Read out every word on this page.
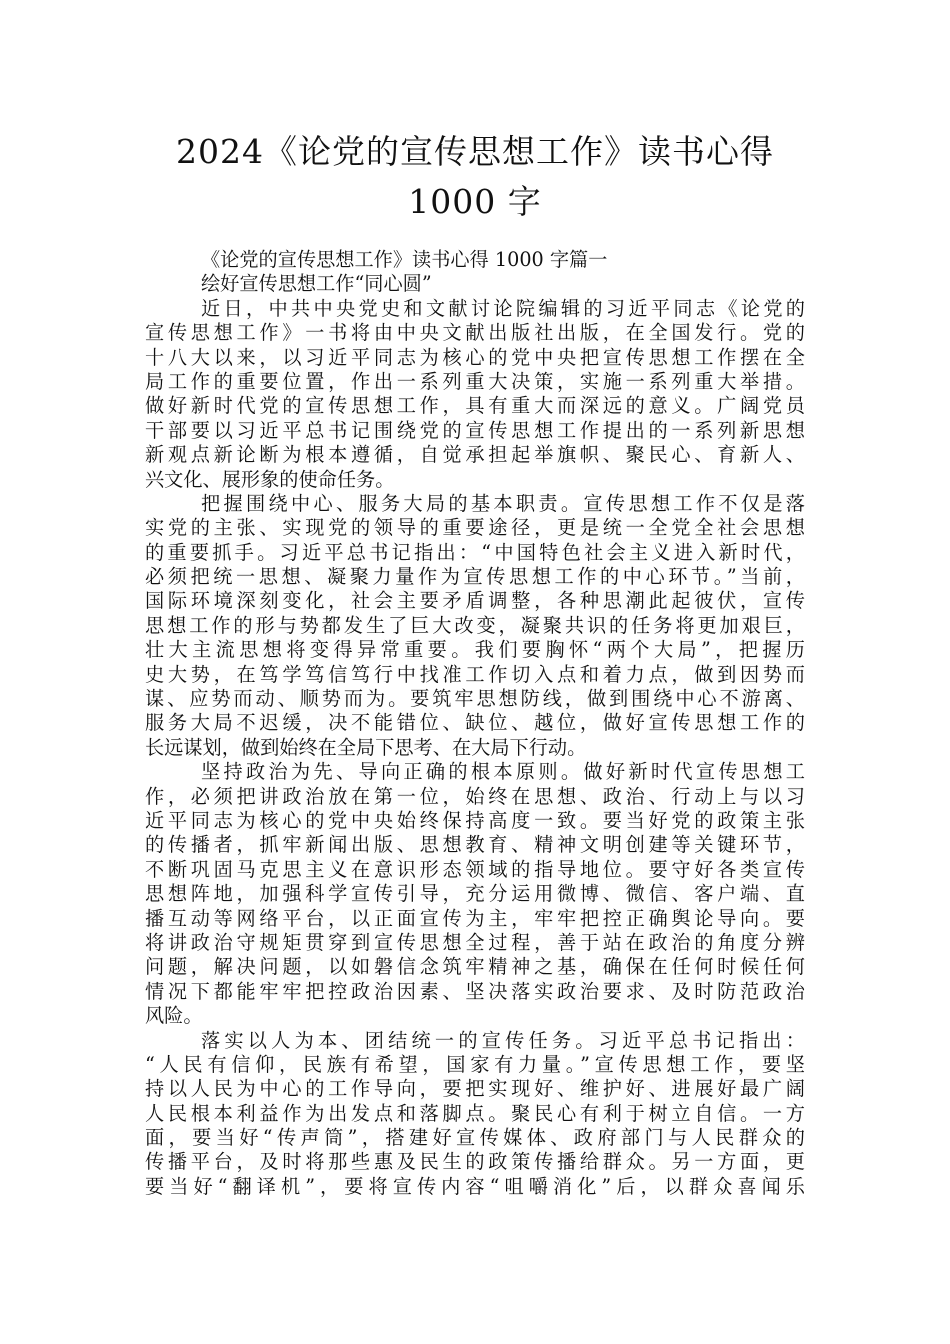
2024《论党的宣传思想工作》读书心得
1000 字
《论党的宣传思想工作》读书心得 1000 字篇一
绘好宣传思想工作“同心圆”
近日，中共中央党史和文献讨论院编辑的习近平同志《论党的
宣传思想工作》一书将由中央文献出版社出版，在全国发行。党的
十八大以来，以习近平同志为核心的党中央把宣传思想工作摆在全
局工作的重要位置，作出一系列重大决策，实施一系列重大举措。
做好新时代党的宣传思想工作，具有重大而深远的意义。广阔党员
干部要以习近平总书记围绕党的宣传思想工作提出的一系列新思想
新观点新论断为根本遵循，自觉承担起举旗帜、聚民心、育新人、
兴文化、展形象的使命任务。
把握围绕中心、服务大局的基本职责。宣传思想工作不仅是落
实党的主张、实现党的领导的重要途径，更是统一全党全社会思想
的重要抓手。习近平总书记指出：“中国特色社会主义进入新时代，
必须把统一思想、凝聚力量作为宣传思想工作的中心环节。”当前，
国际环境深刻变化，社会主要矛盾调整，各种思潮此起彼伏，宣传
思想工作的形与势都发生了巨大改变，凝聚共识的任务将更加艰巨，
壮大主流思想将变得异常重要。我们要胸怀“两个大局”，把握历
史大势，在笃学笃信笃行中找准工作切入点和着力点，做到因势而
谋、应势而动、顺势而为。要筑牢思想防线，做到围绕中心不游离、
服务大局不迟缓，决不能错位、缺位、越位，做好宣传思想工作的
长远谋划，做到始终在全局下思考、在大局下行动。
坚持政治为先、导向正确的根本原则。做好新时代宣传思想工
作，必须把讲政治放在第一位，始终在思想、政治、行动上与以习
近平同志为核心的党中央始终保持高度一致。要当好党的政策主张
的传播者，抓牢新闻出版、思想教育、精神文明创建等关键环节，
不断巩固马克思主义在意识形态领域的指导地位。要守好各类宣传
思想阵地，加强科学宣传引导，充分运用微博、微信、客户端、直
播互动等网络平台，以正面宣传为主，牢牢把控正确舆论导向。要
将讲政治守规矩贯穿到宣传思想全过程，善于站在政治的角度分辨
问题，解决问题，以如磐信念筑牢精神之基，确保在任何时候任何
情况下都能牢牢把控政治因素、坚决落实政治要求、及时防范政治
风险。
落实以人为本、团结统一的宣传任务。习近平总书记指出：
“人民有信仰，民族有希望，国家有力量。”宣传思想工作，要坚
持以人民为中心的工作导向，要把实现好、维护好、进展好最广阔
人民根本利益作为出发点和落脚点。聚民心有利于树立自信。一方
面，要当好“传声筒”，搭建好宣传媒体、政府部门与人民群众的
传播平台，及时将那些惠及民生的政策传播给群众。另一方面，更
要当好“翻译机”，要将宣传内容“咀嚼消化”后，以群众喜闻乐
